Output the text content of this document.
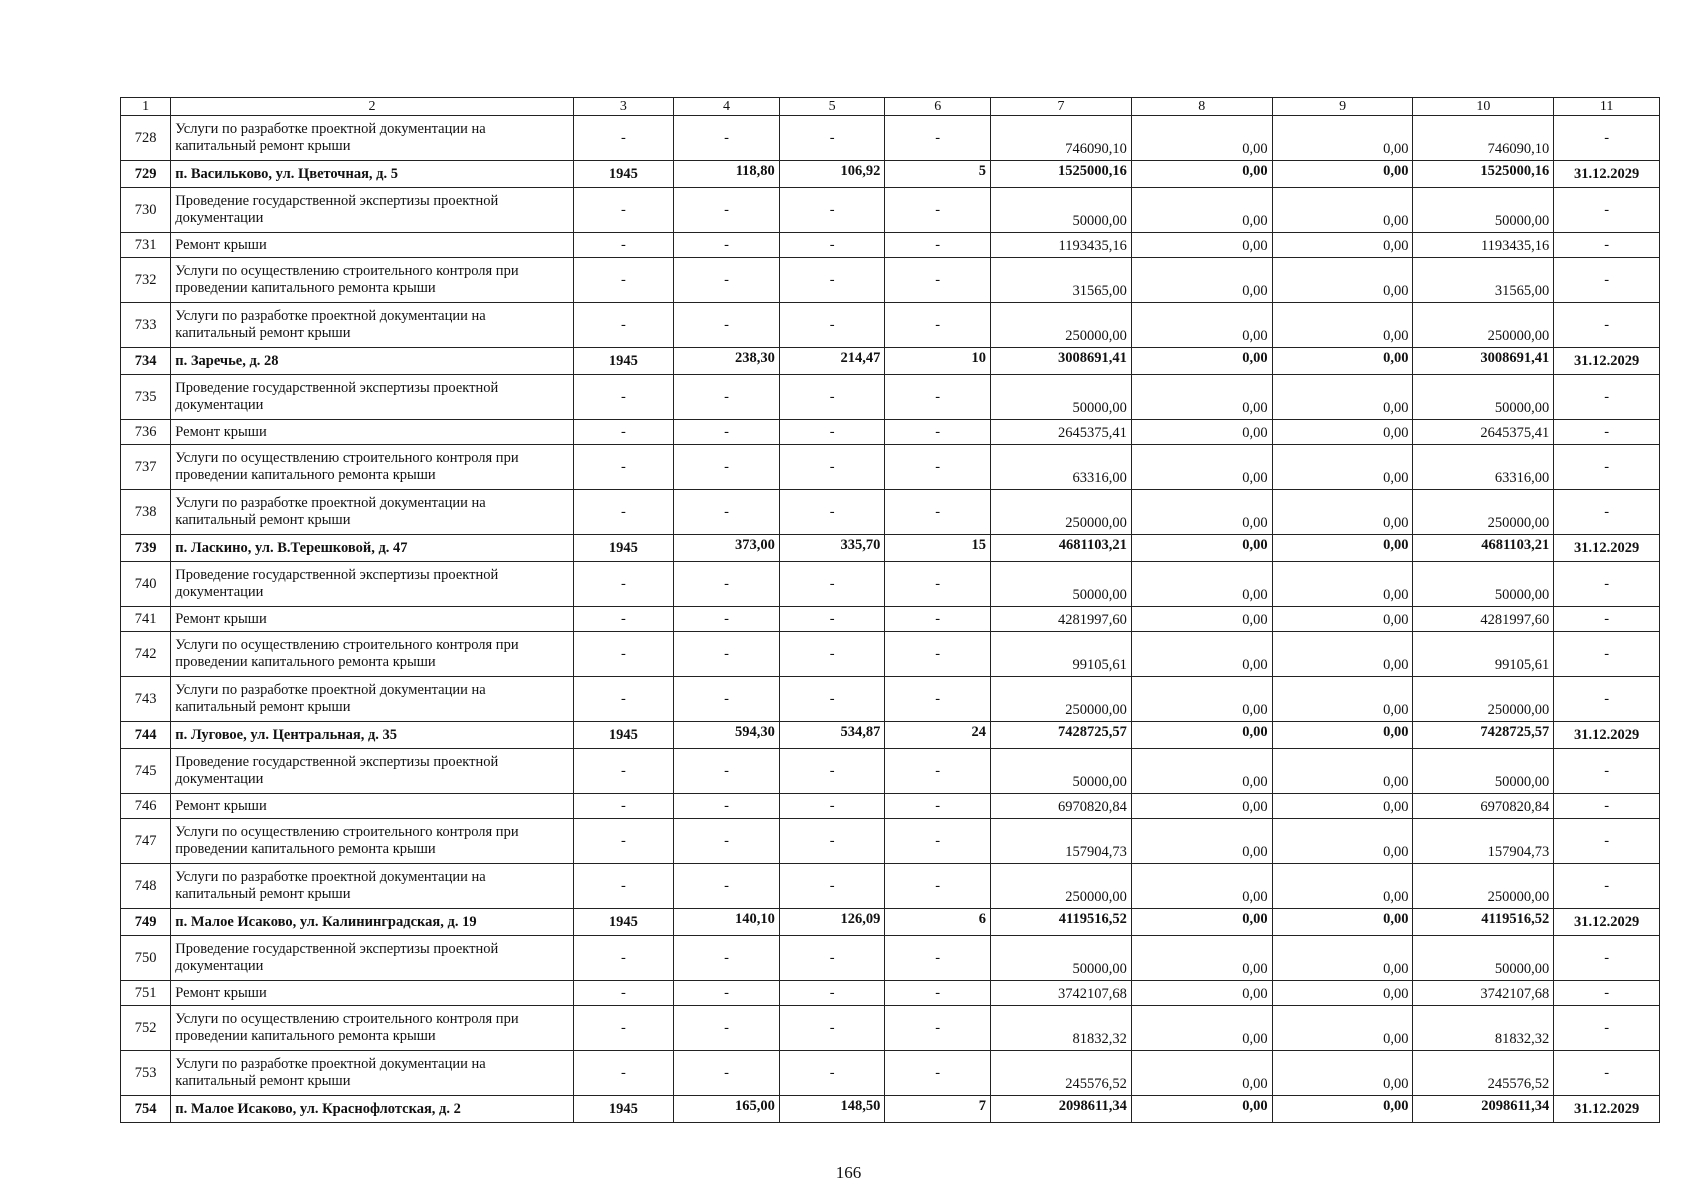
1	2	3	4	5	6	7	8	9	10	11
728	Услуги по разработке проектной документации на капитальный ремонт крыши	-	-	-	-	746090,10	0,00	0,00	746090,10	-
729	п. Васильково, ул. Цветочная, д. 5	1945	118,80	106,92	5	1525000,16	0,00	0,00	1525000,16	31.12.2029
730	Проведение государственной экспертизы проектной документации	-	-	-	-	50000,00	0,00	0,00	50000,00	-
731	Ремонт крыши	-	-	-	-	1193435,16	0,00	0,00	1193435,16	-
732	Услуги по осуществлению строительного контроля при проведении капитального ремонта крыши	-	-	-	-	31565,00	0,00	0,00	31565,00	-
733	Услуги по разработке проектной документации на капитальный ремонт крыши	-	-	-	-	250000,00	0,00	0,00	250000,00	-
734	п. Заречье, д. 28	1945	238,30	214,47	10	3008691,41	0,00	0,00	3008691,41	31.12.2029
735	Проведение государственной экспертизы проектной документации	-	-	-	-	50000,00	0,00	0,00	50000,00	-
736	Ремонт крыши	-	-	-	-	2645375,41	0,00	0,00	2645375,41	-
737	Услуги по осуществлению строительного контроля при проведении капитального ремонта крыши	-	-	-	-	63316,00	0,00	0,00	63316,00	-
738	Услуги по разработке проектной документации на капитальный ремонт крыши	-	-	-	-	250000,00	0,00	0,00	250000,00	-
739	п. Ласкино, ул. В.Терешковой, д. 47	1945	373,00	335,70	15	4681103,21	0,00	0,00	4681103,21	31.12.2029
740	Проведение государственной экспертизы проектной документации	-	-	-	-	50000,00	0,00	0,00	50000,00	-
741	Ремонт крыши	-	-	-	-	4281997,60	0,00	0,00	4281997,60	-
742	Услуги по осуществлению строительного контроля при проведении капитального ремонта крыши	-	-	-	-	99105,61	0,00	0,00	99105,61	-
743	Услуги по разработке проектной документации на капитальный ремонт крыши	-	-	-	-	250000,00	0,00	0,00	250000,00	-
744	п. Луговое, ул. Центральная, д. 35	1945	594,30	534,87	24	7428725,57	0,00	0,00	7428725,57	31.12.2029
745	Проведение государственной экспертизы проектной документации	-	-	-	-	50000,00	0,00	0,00	50000,00	-
746	Ремонт крыши	-	-	-	-	6970820,84	0,00	0,00	6970820,84	-
747	Услуги по осуществлению строительного контроля при проведении капитального ремонта крыши	-	-	-	-	157904,73	0,00	0,00	157904,73	-
748	Услуги по разработке проектной документации на капитальный ремонт крыши	-	-	-	-	250000,00	0,00	0,00	250000,00	-
749	п. Малое Исаково, ул. Калининградская, д. 19	1945	140,10	126,09	6	4119516,52	0,00	0,00	4119516,52	31.12.2029
750	Проведение государственной экспертизы проектной документации	-	-	-	-	50000,00	0,00	0,00	50000,00	-
751	Ремонт крыши	-	-	-	-	3742107,68	0,00	0,00	3742107,68	-
752	Услуги по осуществлению строительного контроля при проведении капитального ремонта крыши	-	-	-	-	81832,32	0,00	0,00	81832,32	-
753	Услуги по разработке проектной документации на капитальный ремонт крыши	-	-	-	-	245576,52	0,00	0,00	245576,52	-
754	п. Малое Исаково, ул. Краснофлотская, д. 2	1945	165,00	148,50	7	2098611,34	0,00	0,00	2098611,34	31.12.2029
166
